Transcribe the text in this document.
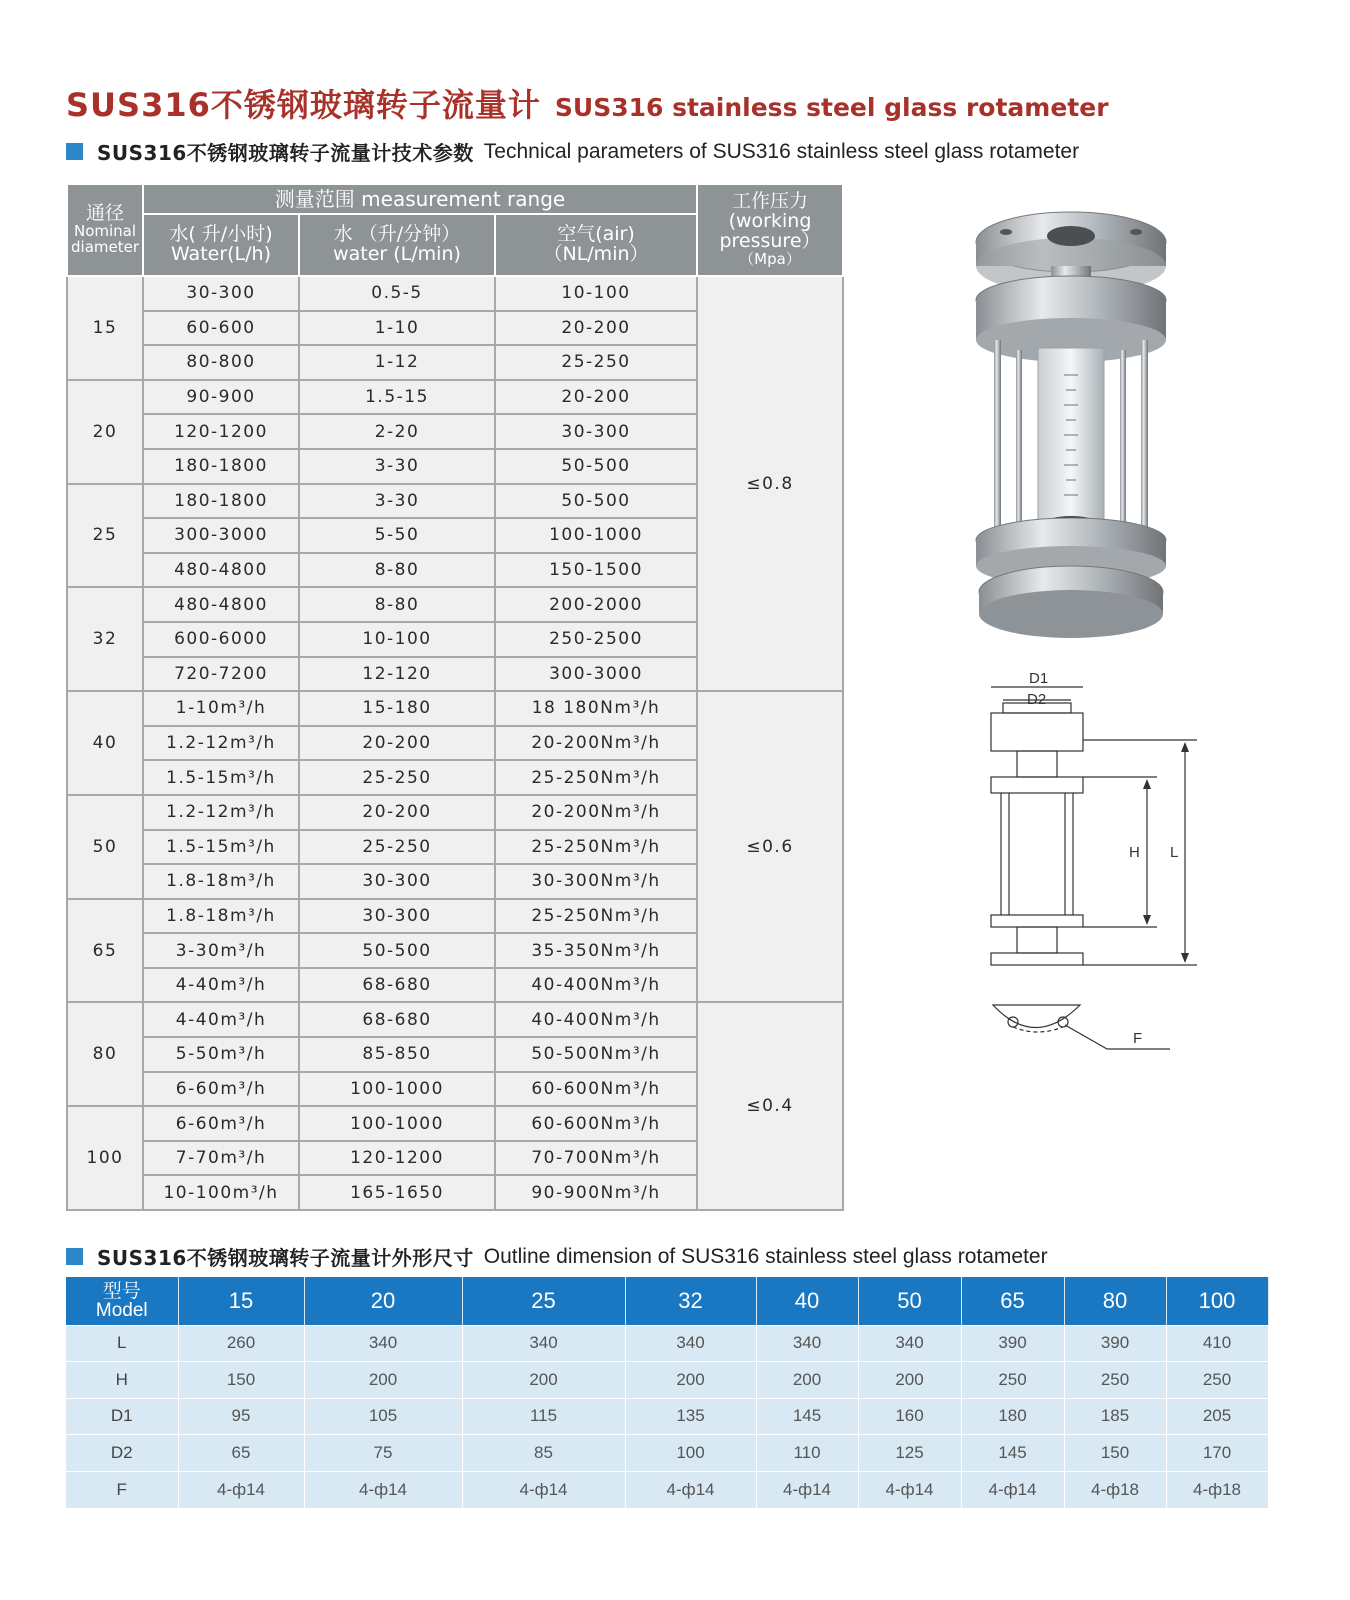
SUS316不锈钢玻璃转子流量计 SUS316 stainless steel glass rotameter
SUS316不锈钢玻璃转子流量计技术参数 Technical parameters of SUS316 stainless steel glass rotameter
通径
Nominal
diameter	测量范围 measurement range			工作压力
(working
pressure）
（Mpa）

	水( 升/小时)
Water(L/h)	水 （升/分钟）
water (L/min)	空气(air)
（NL/min）	

15	30-300	0.5-5	10-100	≤0.8
	60-600	1-10	20-200	
	80-800	1-12	25-250	
20	90-900	1.5-15	20-200	
	120-1200	2-20	30-300	
	180-1800	3-30	50-500	
25	180-1800	3-30	50-500	
	300-3000	5-50	100-1000	
	480-4800	8-80	150-1500	
32	480-4800	8-80	200-2000	
	600-6000	10-100	250-2500	
	720-7200	12-120	300-3000	
40	1-10m³/h	15-180	18 180Nm³/h	≤0.6
	1.2-12m³/h	20-200	20-200Nm³/h	
	1.5-15m³/h	25-250	25-250Nm³/h	
50	1.2-12m³/h	20-200	20-200Nm³/h	
	1.5-15m³/h	25-250	25-250Nm³/h	
	1.8-18m³/h	30-300	30-300Nm³/h	
65	1.8-18m³/h	30-300	25-250Nm³/h	
	3-30m³/h	50-500	35-350Nm³/h	
	4-40m³/h	68-680	40-400Nm³/h	
80	4-40m³/h	68-680	40-400Nm³/h	≤0.4
	5-50m³/h	85-850	50-500Nm³/h	
	6-60m³/h	100-1000	60-600Nm³/h	
100	6-60m³/h	100-1000	60-600Nm³/h	
	7-70m³/h	120-1200	70-700Nm³/h	
	10-100m³/h	165-1650	90-900Nm³/h	
D1
D2
H L
F
SUS316不锈钢玻璃转子流量计外形尺寸 Outline dimension of SUS316 stainless steel glass rotameter
型号
Model	15	20	25	32	40	50	65	80	100
L	260	340	340	340	340	340	390	390	410
H	150	200	200	200	200	200	250	250	250
D1	95	105	115	135	145	160	180	185	205
D2	65	75	85	100	110	125	145	150	170
F	4-ф14	4-ф14	4-ф14	4-ф14	4-ф14	4-ф14	4-ф14	4-ф18	4-ф18
